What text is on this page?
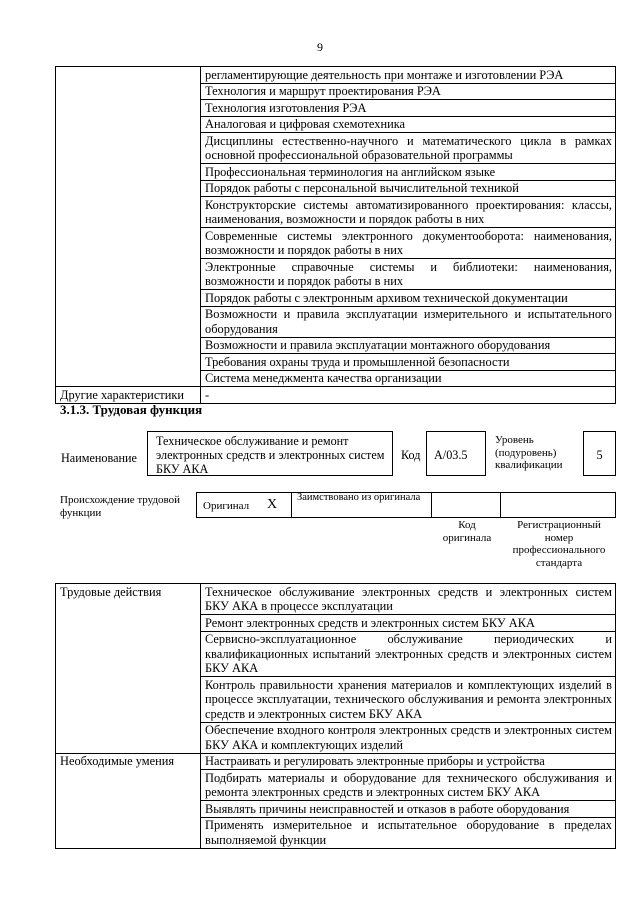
9
	регламентирующие деятельность при монтаже и изготовлении РЭА
	Технология и маршрут проектирования РЭА
	Технология изготовления РЭА
	Аналоговая и цифровая схемотехника
	Дисциплины естественно-научного и математического цикла в рамках основной профессиональной образовательной программы
	Профессиональная терминология на английском языке
	Порядок работы с персональной вычислительной техникой
	Конструкторские системы автоматизированного проектирования: классы, наименования, возможности и порядок работы в них
	Современные системы электронного документооборота: наименования, возможности и порядок работы в них
	Электронные справочные системы и библиотеки: наименования, возможности и порядок работы в них
	Порядок работы с электронным архивом технической документации
	Возможности и правила эксплуатации измерительного и испытательного оборудования
	Возможности и правила эксплуатации монтажного оборудования
	Требования охраны труда и промышленной безопасности
	Система менеджмента качества организации
Другие характеристики	-
3.1.3. Трудовая функция
Наименование
Техническое обслуживание и ремонт электронных средств и электронных систем БКУ АКА
Код	А/03.5
Уровень (подуровень) квалификации
5
Происхождение трудовой функции
Оригинал X Заимствовано из оригинала
Код оригинала
Регистрационный номер профессионального стандарта
Трудовые действия	Техническое обслуживание электронных средств и электронных систем БКУ АКА в процессе эксплуатации
	Ремонт электронных средств и электронных систем БКУ АКА
	Сервисно-эксплуатационное обслуживание периодических и квалификационных испытаний электронных средств и электронных систем БКУ АКА
	Контроль правильности хранения материалов и комплектующих изделий в процессе эксплуатации, технического обслуживания и ремонта электронных средств и электронных систем БКУ АКА
	Обеспечение входного контроля электронных средств и электронных систем БКУ АКА и комплектующих изделий
Необходимые умения	Настраивать и регулировать электронные приборы и устройства
	Подбирать материалы и оборудование для технического обслуживания и ремонта электронных средств и электронных систем БКУ АКА
	Выявлять причины неисправностей и отказов в работе оборудования
	Применять измерительное и испытательное оборудование в пределах выполняемой функции
